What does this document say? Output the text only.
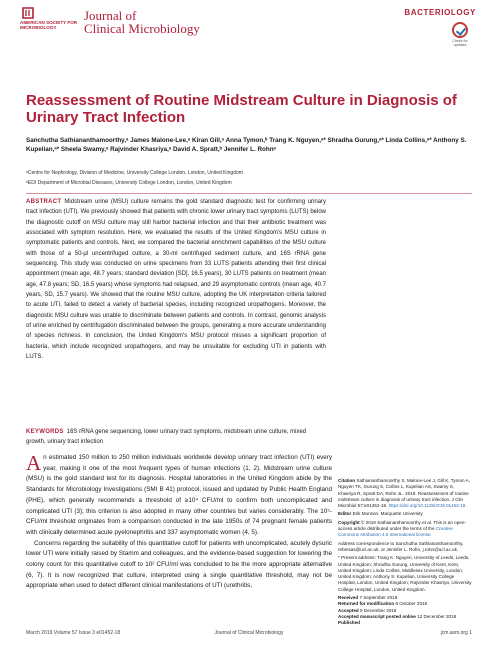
AMERICAN SOCIETY FOR MICROBIOLOGY
Journal of
Clinical Microbiology
BACTERIOLOGY
Check for updates
Reassessment of Routine Midstream Culture in Diagnosis of Urinary Tract Infection
Sanchutha Sathiananthamoorthy,ᵃ James Malone-Lee,ᵃ Kiran Gill,ᵃ Anna Tymon,ᵇ Trang K. Nguyen,ᵃ* Shradha Gurung,ᵃ* Linda Collins,ᵃ* Anthony S. Kupelian,ᵃ* Sheela Swamy,ᵃ Rajvinder Khasriya,ᵃ David A. Spratt,ᵇ Jennifer L. Rohnᵃ
ᵃCentre for Nephrology, Division of Medicine, University College London, London, United Kingdom
ᵇEDI Department of Microbial Diseases, University College London, London, United Kingdom
ABSTRACT Midstream urine (MSU) culture remains the gold standard diagnostic test for confirming urinary tract infection (UTI). We previously showed that patients with chronic lower urinary tract symptoms (LUTS) below the diagnostic cutoff on MSU culture may still harbor bacterial infection and that their antibiotic treatment was associated with symptom resolution. Here, we evaluated the results of the United Kingdom's MSU culture in symptomatic patients and controls. Next, we compared the bacterial enrichment capabilities of the MSU culture with those of a 50-µl uncentrifuged culture, a 30-ml centrifuged sediment culture, and 16S rRNA gene sequencing. This study was conducted on urine specimens from 33 LUTS patients attending their first clinical appointment (mean age, 48.7 years; standard deviation [SD], 16.5 years), 30 LUTS patients on treatment (mean age, 47.8 years; SD, 16.5 years) whose symptoms had relapsed, and 29 asymptomatic controls (mean age, 40.7 years, SD, 15.7 years). We showed that the routine MSU culture, adopting the UK interpretation criteria tailored to acute UTI, failed to detect a variety of bacterial species, including recognized uropathogens. Moreover, the diagnostic MSU culture was unable to discriminate between patients and controls. In contrast, genomic analysis of urine enriched by centrifugation discriminated between the groups, generating a more accurate understanding of species richness. In conclusion, the United Kingdom's MSU protocol misses a significant proportion of bacteria, which include recognized uropathogens, and may be unsuitable for excluding UTI in patients with LUTS.
KEYWORDS 16S rRNA gene sequencing, lower urinary tract symptoms, midstream urine culture, mixed growth, urinary tract infection

An estimated 150 million to 250 million individuals worldwide develop urinary tract infection (UTI) every year, making it one of the most frequent types of human infections (1, 2). Midstream urine culture (MSU) is the gold standard test for its diagnosis. Hospital laboratories in the United Kingdom abide by the Standards for Microbiology Investigations (SMI B 41) protocol, issued and updated by Public Health England (PHE), which generally recommends a threshold of ≥10⁴ CFU/ml to confirm both uncomplicated and complicated UTI (3); this criterion is also adopted in many other countries but varies considerably. The 10⁵-CFU/ml threshold originates from a comparison conducted in the late 1950s of 74 pregnant female patients with clinically determined acute pyelonephritis and 337 asymptomatic women (4, 5).

Concerns regarding the suitability of this quantitative cutoff for patients with uncomplicated, acutely dysuric lower UTI were initially raised by Stamm and colleagues, and the evidence-based suggestion for lowering the colony count for this quantitative cutoff to 10² CFU/ml was concluded to be the more appropriate alternative (6, 7). It is now recognized that culture, interpreted using a single quantitative threshold, may not be appropriate when used to detect different clinical manifestations of UTI (urethritis,

Citation Sathiananthamoorthy S, Malone-Lee J, Gill K, Tymon A, Nguyen TK, Gurung S, Collins L, Kupelian AS, Swamy S, Khasriya R, Spratt DA, Rohn JL. 2019. Reassessment of routine midstream culture in diagnosis of urinary tract infection. J Clin Microbiol 57:e01452-18. https://doi.org/10.1128/JCM.01452-18.
Editor Erik Munson, Marquette University
Copyright © 2019 Sathiananthamoorthy et al. This is an open-access article distributed under the terms of the Creative Commons Attribution 4.0 International license.
Address correspondence to Sanchutha Sathiananthamoorthy, rebmsas@ucl.ac.uk, or Jennifer L. Rohn, j.rohn@ucl.ac.uk.
* Present address: Trang K. Nguyen, University of Leeds, Leeds, United Kingdom; Shradha Gurung, University of Kent, Kent, United Kingdom; Linda Collins, Middlesex University, London, United Kingdom; Anthony S. Kupelian, University College Hospital, London, United Kingdom; Rajvinder Khasriya, University College Hospital, London, United Kingdom.
Received 7 September 2018
Returned for modification 6 October 2018
Accepted 5 December 2018
Accepted manuscript posted online 12 December 2018
Published
March 2019 Volume 57 Issue 3 e01452-18	Journal of Clinical Microbiology	jcm.asm.org 1
